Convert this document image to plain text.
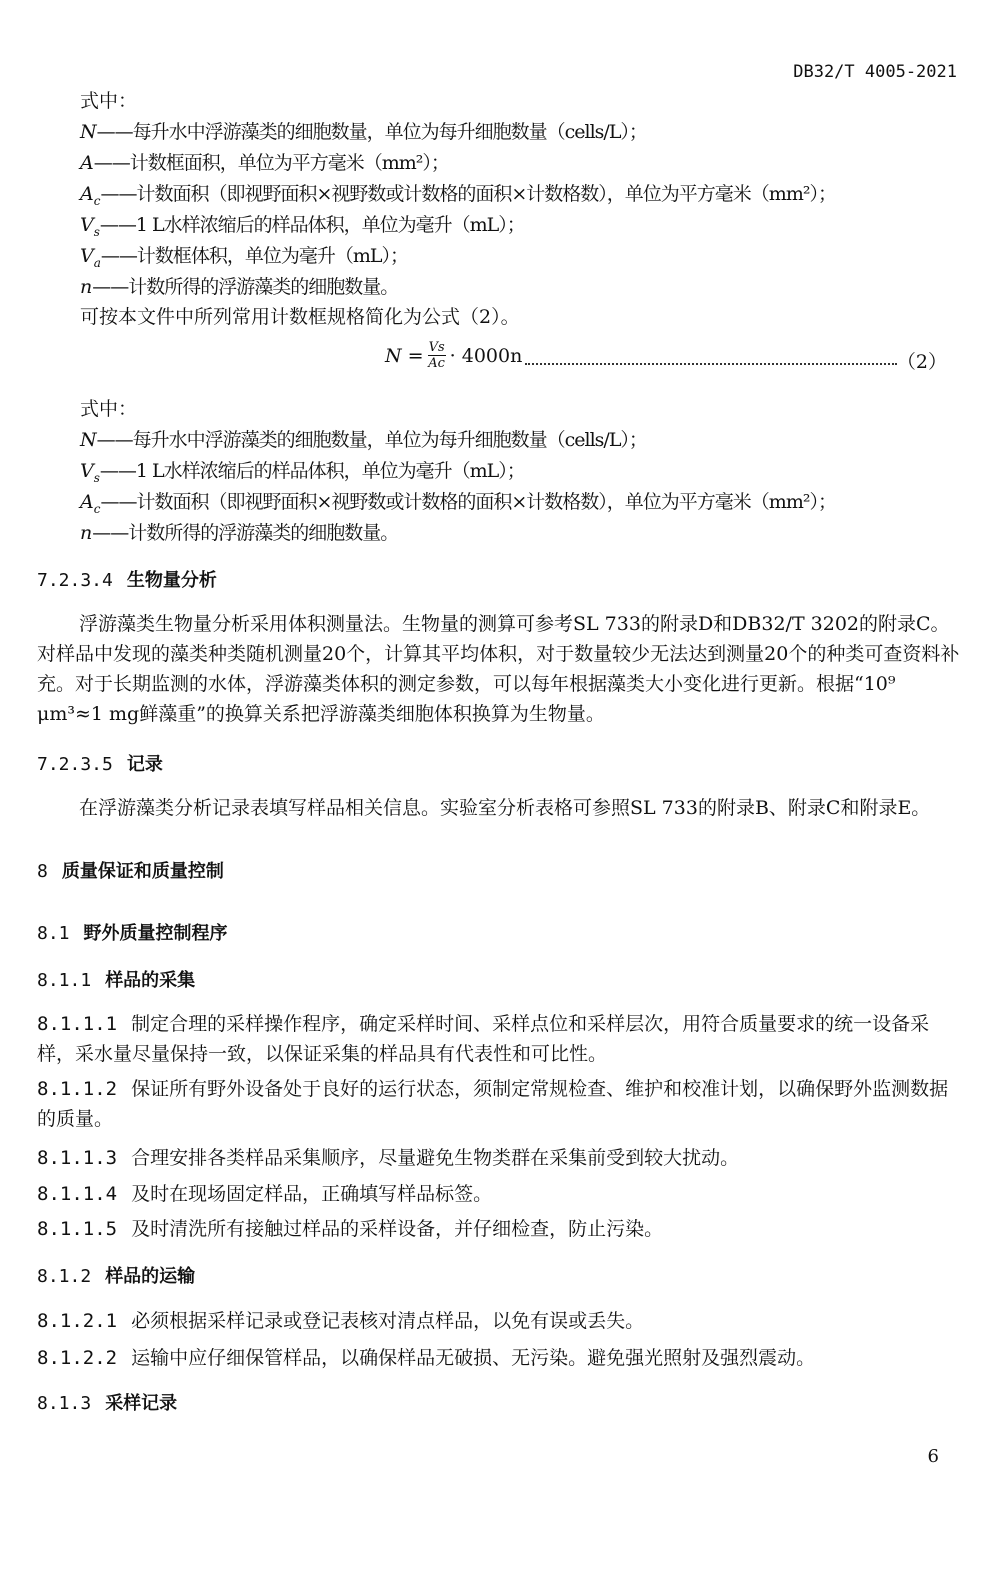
DB32/T 4005-2021
式中：
可按本文件中所列常用计数框规格简化为公式（2）。
$N = \frac{Vs}{Ac} \cdot 4000n$	（2）
式中：
7.2.3.4 生物量分析
浮游藻类生物量分析采用体积测量法。生物量的测算可参考SL 733的附录D和DB32/T 3202的附录C。对样品中发现的藻类种类随机测量20个，计算其平均体积，对于数量较少无法达到测量20个的种类可查资料补充。对于长期监测的水体，浮游藻类体积的测定参数，可以每年根据藻类大小变化进行更新。根据“10⁹ μm³≈1 mg鲜藻重”的换算关系把浮游藻类细胞体积换算为生物量。
7.2.3.5 记录
在浮游藻类分析记录表填写样品相关信息。实验室分析表格可参照SL 733的附录B、附录C和附录E。
8 质量保证和质量控制
8.1 野外质量控制程序
8.1.1 样品的采集
8.1.1.1 制定合理的采样操作程序，确定采样时间、采样点位和采样层次，用符合质量要求的统一设备采样，采水量尽量保持一致，以保证采集的样品具有代表性和可比性。
8.1.1.2 保证所有野外设备处于良好的运行状态，须制定常规检查、维护和校准计划，以确保野外监测数据的质量。
8.1.1.3 合理安排各类样品采集顺序，尽量避免生物类群在采集前受到较大扰动。
8.1.1.4 及时在现场固定样品，正确填写样品标签。
8.1.1.5 及时清洗所有接触过样品的采样设备，并仔细检查，防止污染。
8.1.2 样品的运输
8.1.2.1 必须根据采样记录或登记表核对清点样品，以免有误或丢失。
8.1.2.2 运输中应仔细保管样品，以确保样品无破损、无污染。避免强光照射及强烈震动。
8.1.3 采样记录
6
N——每升水中浮游藻类的细胞数量，单位为每升细胞数量（cells/L）；
A——计数框面积，单位为平方毫米（mm²）；
$A_c——$计数面积（即视野面积×视野数或计数格的面积×计数格数），单位为平方毫米（mm²）；
$V_s——1$ L水样浓缩后的样品体积，单位为毫升（mL）；
$V_a——$计数框体积，单位为毫升（mL）；
n——计数所得的浮游藻类的细胞数量。
N——每升水中浮游藻类的细胞数量，单位为每升细胞数量（cells/L）；
$V_s——1$ L水样浓缩后的样品体积，单位为毫升（mL）；
$A_c——$计数面积（即视野面积×视野数或计数格的面积×计数格数），单位为平方毫米（mm²）；
n——计数所得的浮游藻类的细胞数量。
